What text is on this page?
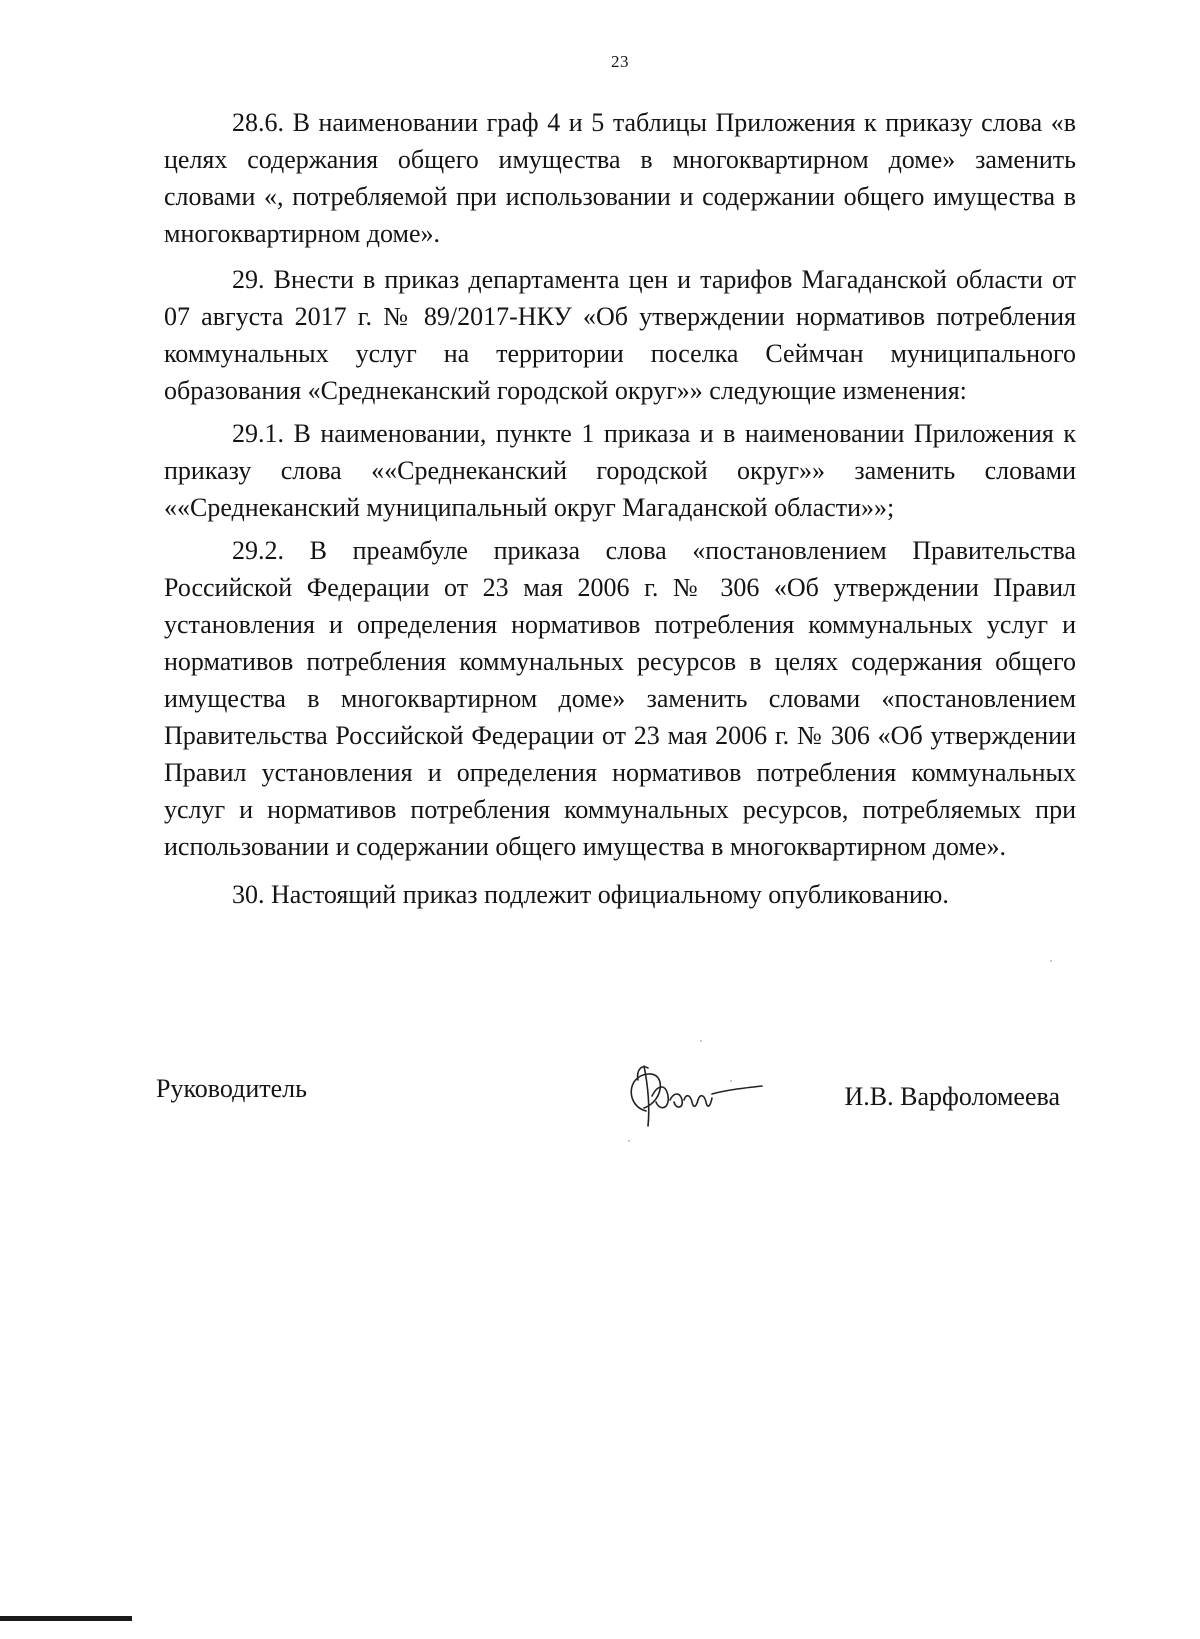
23

28.6. В наименовании граф 4 и 5 таблицы Приложения к приказу слова «в целях содержания общего имущества в многоквартирном доме» заменить словами «, потребляемой при использовании и содержании общего имущества в многоквартирном доме».

29. Внести в приказ департамента цен и тарифов Магаданской области от 07 августа 2017 г. № 89/2017-НКУ «Об утверждении нормативов потребления коммунальных услуг на территории поселка Сеймчан муниципального образования «Среднеканский городской округ»» следующие изменения:

29.1. В наименовании, пункте 1 приказа и в наименовании Приложения к приказу слова ««Среднеканский городской округ»» заменить словами ««Среднеканский муниципальный округ Магаданской области»»;

29.2. В преамбуле приказа слова «постановлением Правительства Российской Федерации от 23 мая 2006 г. № 306 «Об утверждении Правил установления и определения нормативов потребления коммунальных услуг и нормативов потребления коммунальных ресурсов в целях содержания общего имущества в многоквартирном доме» заменить словами «постановлением Правительства Российской Федерации от 23 мая 2006 г. № 306 «Об утверждении Правил установления и определения нормативов потребления коммунальных услуг и нормативов потребления коммунальных ресурсов, потребляемых при использовании и содержании общего имущества в многоквартирном доме».

30. Настоящий приказ подлежит официальному опубликованию.

Руководитель	И.В. Варфоломеева
